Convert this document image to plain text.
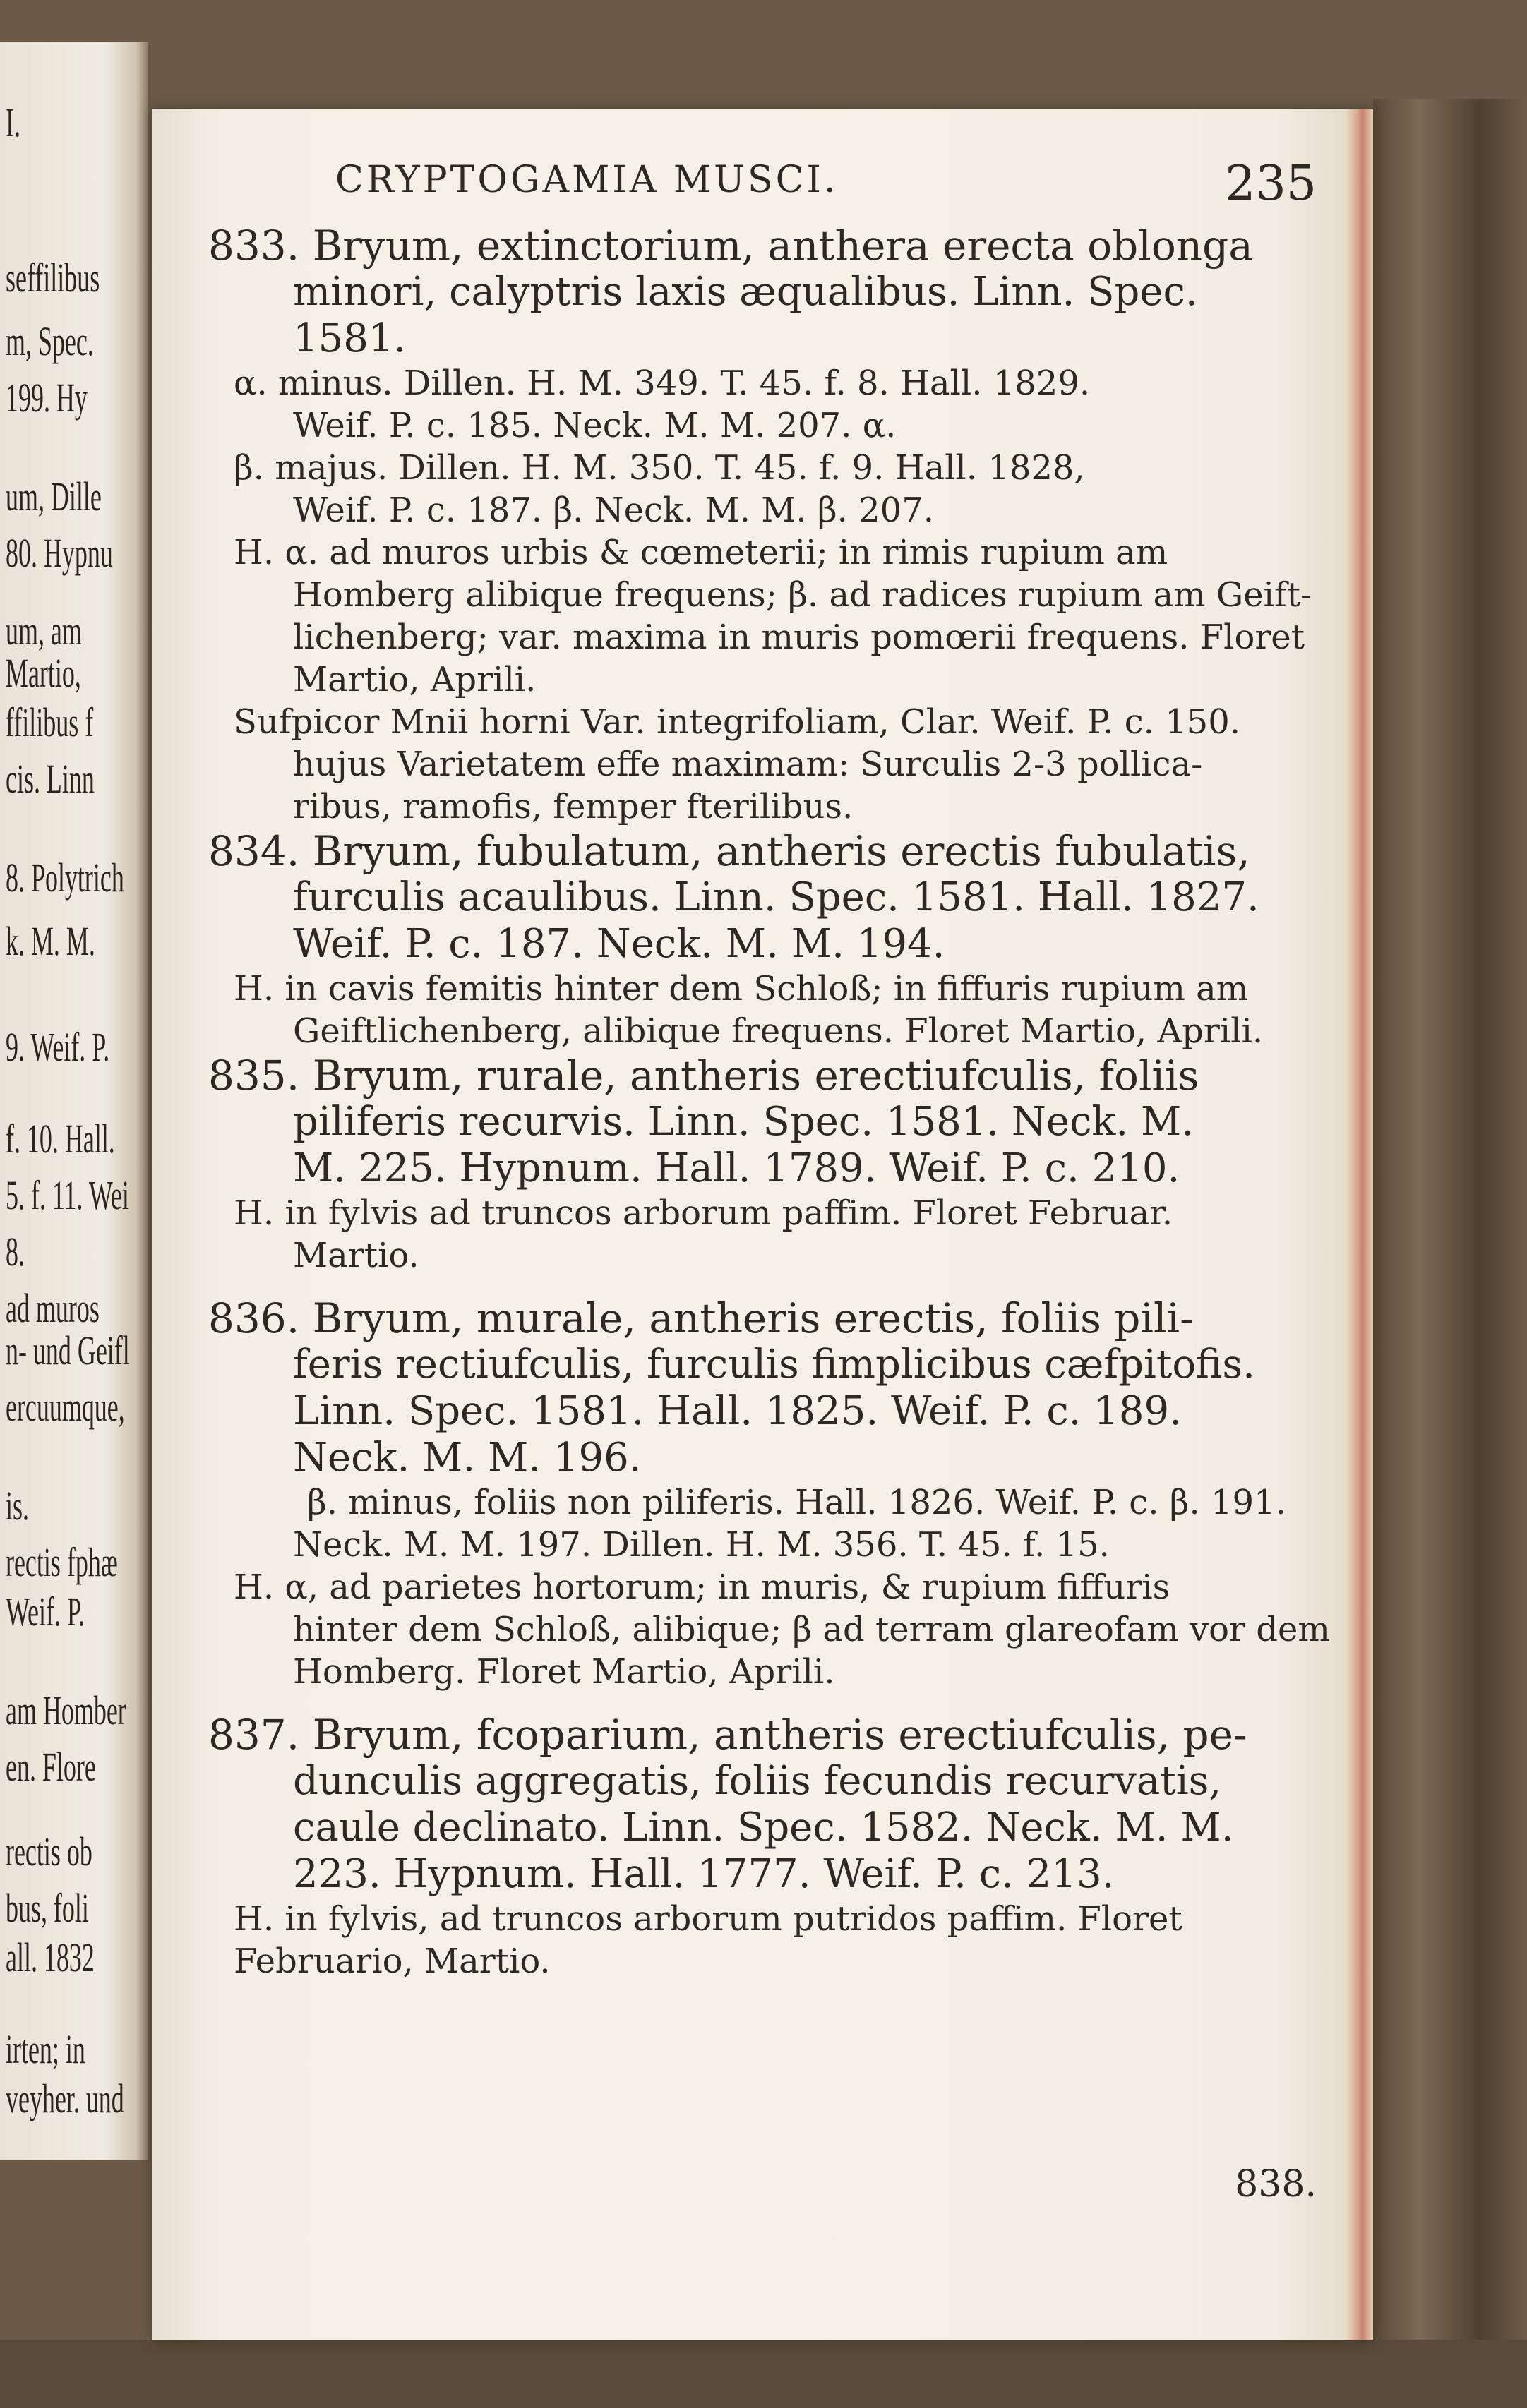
I.
seffilibus
m, Spec.
199. Hy
um, Dille
80. Hypnu
um, am
Martio,
ffilibus f
cis. Linn
8. Polytrich
k. M. M.
9. Weif. P.
f. 10. Hall.
5. f. 11. Wei
8.
ad muros
n- und Geifl
ercuumque,
is.
rectis fphæ
Weif. P.
am Homber
en. Flore
rectis ob
bus, foli
all. 1832
irten; in
veyher. und
CRYPTOGAMIA MUSCI.	235
833. Bryum, extinctorium, anthera erecta oblonga
minori, calyptris laxis æqualibus. Linn. Spec.
1581.
α. minus. Dillen. H. M. 349. T. 45. f. 8. Hall. 1829.
Weif. P. c. 185. Neck. M. M. 207. α.
β. majus. Dillen. H. M. 350. T. 45. f. 9. Hall. 1828,
Weif. P. c. 187. β. Neck. M. M. β. 207.
H. α. ad muros urbis & cœmeterii; in rimis rupium am
Homberg alibique frequens; β. ad radices rupium am Geift-
lichenberg; var. maxima in muris pomœrii frequens. Floret
Martio, Aprili.
Sufpicor Mnii horni Var. integrifoliam, Clar. Weif. P. c. 150.
hujus Varietatem effe maximam: Surculis 2-3 pollica-
ribus, ramofis, femper fterilibus.
834. Bryum, fubulatum, antheris erectis fubulatis,
furculis acaulibus. Linn. Spec. 1581. Hall. 1827.
Weif. P. c. 187. Neck. M. M. 194.
H. in cavis femitis hinter dem Schloß; in fiffuris rupium am
Geiftlichenberg, alibique frequens. Floret Martio, Aprili.
835. Bryum, rurale, antheris erectiufculis, foliis
piliferis recurvis. Linn. Spec. 1581. Neck. M.
M. 225. Hypnum. Hall. 1789. Weif. P. c. 210.
H. in fylvis ad truncos arborum paffim. Floret Februar.
Martio.
836. Bryum, murale, antheris erectis, foliis pili-
feris rectiufculis, furculis fimplicibus cæfpitofis.
Linn. Spec. 1581. Hall. 1825. Weif. P. c. 189.
Neck. M. M. 196.
β. minus, foliis non piliferis. Hall. 1826. Weif. P. c. β. 191.
Neck. M. M. 197. Dillen. H. M. 356. T. 45. f. 15.
H. α, ad parietes hortorum; in muris, & rupium fiffuris
hinter dem Schloß, alibique; β ad terram glareofam vor dem
Homberg. Floret Martio, Aprili.
837. Bryum, fcoparium, antheris erectiufculis, pe-
dunculis aggregatis, foliis fecundis recurvatis,
caule declinato. Linn. Spec. 1582. Neck. M. M.
223. Hypnum. Hall. 1777. Weif. P. c. 213.
H. in fylvis, ad truncos arborum putridos paffim. Floret
Februario, Martio.
838.
